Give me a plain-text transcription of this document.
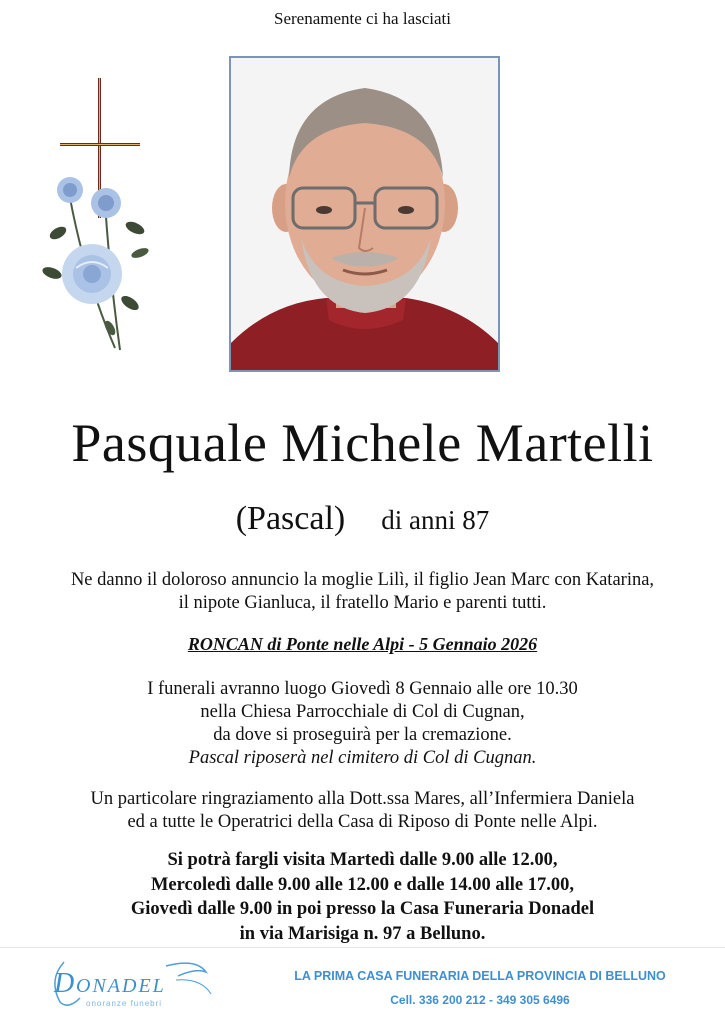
Serenamente ci ha lasciati
Pasquale Michele Martelli
(Pascal) di anni 87
Ne danno il doloroso annuncio la moglie Lilì, il figlio Jean Marc con Katarina,
il nipote Gianluca, il fratello Mario e parenti tutti.
RONCAN di Ponte nelle Alpi - 5 Gennaio 2026
I funerali avranno luogo Giovedì 8 Gennaio alle ore 10.30
nella Chiesa Parrocchiale di Col di Cugnan,
da dove si proseguirà per la cremazione.
Pascal riposerà nel cimitero di Col di Cugnan.
Un particolare ringraziamento alla Dott.ssa Mares, all’Infermiera Daniela
ed a tutte le Operatrici della Casa di Riposo di Ponte nelle Alpi.
Si potrà fargli visita Martedì dalle 9.00 alle 12.00,
Mercoledì dalle 9.00 alle 12.00 e dalle 14.00 alle 17.00,
Giovedì dalle 9.00 in poi presso la Casa Funeraria Donadel
in via Marisiga n. 97 a Belluno.
D ONADEL
onoranze funebri
LA PRIMA CASA FUNERARIA DELLA PROVINCIA DI BELLUNO
Cell. 336 200 212 - 349 305 6496
